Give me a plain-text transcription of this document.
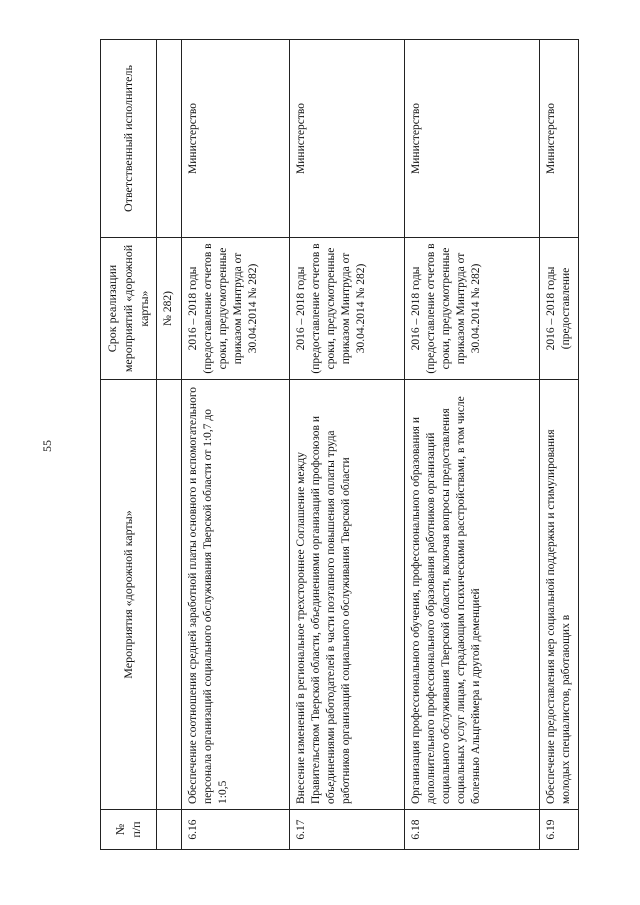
55
№
п/п	Мероприятия «дорожной карты»	Срок реализации мероприятий «дорожной карты»	Ответственный исполнитель
		№ 282)	
6.16	Обеспечение соотношения средней заработной платы основного и вспомогательного персонала организаций социального обслуживания Тверской области от 1:0,7 до 1:0,5	2016 – 2018 годы (предоставление отчетов в сроки, предусмотренные приказом Минтруда от 30.04.2014 № 282)	Министерство
6.17	Внесение изменений в региональное трехстороннее Соглашение между Правительством Тверской области, объединениями организаций профсоюзов и объединениями работодателей в части поэтапного повышения оплаты труда работников организаций социального обслуживания Тверской области	2016 – 2018 годы (предоставление отчетов в сроки, предусмотренные приказом Минтруда от 30.04.2014 № 282)	Министерство
6.18	Организация профессионального обучения, профессионального образования и дополнительного профессионального образования работников организаций социального обслуживания Тверской области, включая вопросы предоставления социальных услуг лицам, страдающим психическими расстройствами, в том числе болезнью Альцгеймера и другой деменцией	2016 – 2018 годы (предоставление отчетов в сроки, предусмотренные приказом Минтруда от 30.04.2014 № 282)	Министерство
6.19	Обеспечение предоставления мер социальной поддержки и стимулирования молодых специалистов, работающих в	2016 – 2018 годы (предоставление	Министерство
